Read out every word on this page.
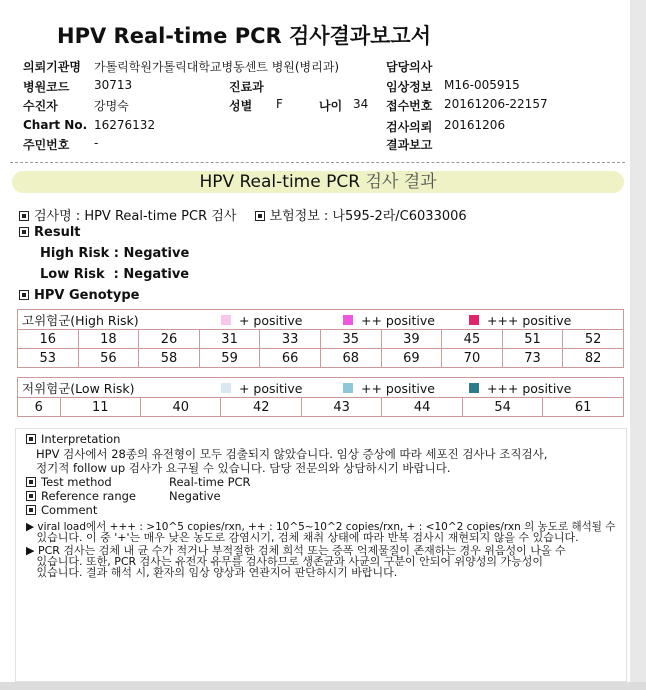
HPV Real-time PCR 검사결과보고서
의뢰기관명 가톨릭학원가톨릭대학교병동센트 병원(병리과)	담당의사
병원코드 30713	진료과	임상정보 M16-005915
수진자	강명숙	성별 F	나이 34 접수번호 20161206-22157
Chart No. 16276132	검사의뢰 20161206
주민번호 -	결과보고
HPV Real-time PCR 검사 결과
검사명 : HPV Real-time PCR 검사	보험정보 : 나595-2라/C6033006
Result
High Risk : Negative
Low Risk  : Negative
HPV Genotype
고위험군(High Risk) + positive ++ positive +++ positive									
16	18	26	31	33	35	39	45	51	52
53	56	58	59	66	68	69	70	73	82
저위험군(Low Risk)	+ positive	++ positive	+++ positive
6	11	40	42	43	44	54	61
Interpretation
HPV 검사에서 28종의 유전형이 모두 검출되지 않았습니다. 임상 증상에 따라 세포진 검사나 조직검사,
정기적 follow up 검사가 요구될 수 있습니다. 담당 전문의와 상담하시기 바랍니다.
Test method	Real-time PCR
Reference range	Negative
Comment
▶ viral load에서 +++ : >10^5 copies/rxn, ++ : 10^5~10^2 copies/rxn, + : <10^2 copies/rxn 의 농도로 해석될 수
있습니다. 이 중 '+'는 매우 낮은 농도로 감염시기, 검체 채취 상태에 따라 반복 검사시 재현되지 않을 수 있습니다.
▶ PCR 검사는 검체 내 균 수가 적거나 부적절한 검체 희석 또는 증폭 억제물질이 존재하는 경우 위음성이 나올 수
있습니다. 또한, PCR 검사는 유전자 유무를 검사하므로 생존균과 사균의 구분이 안되어 위양성의 가능성이
있습니다. 결과 해석 시, 환자의 임상 양상과 연관지어 판단하시기 바랍니다.
